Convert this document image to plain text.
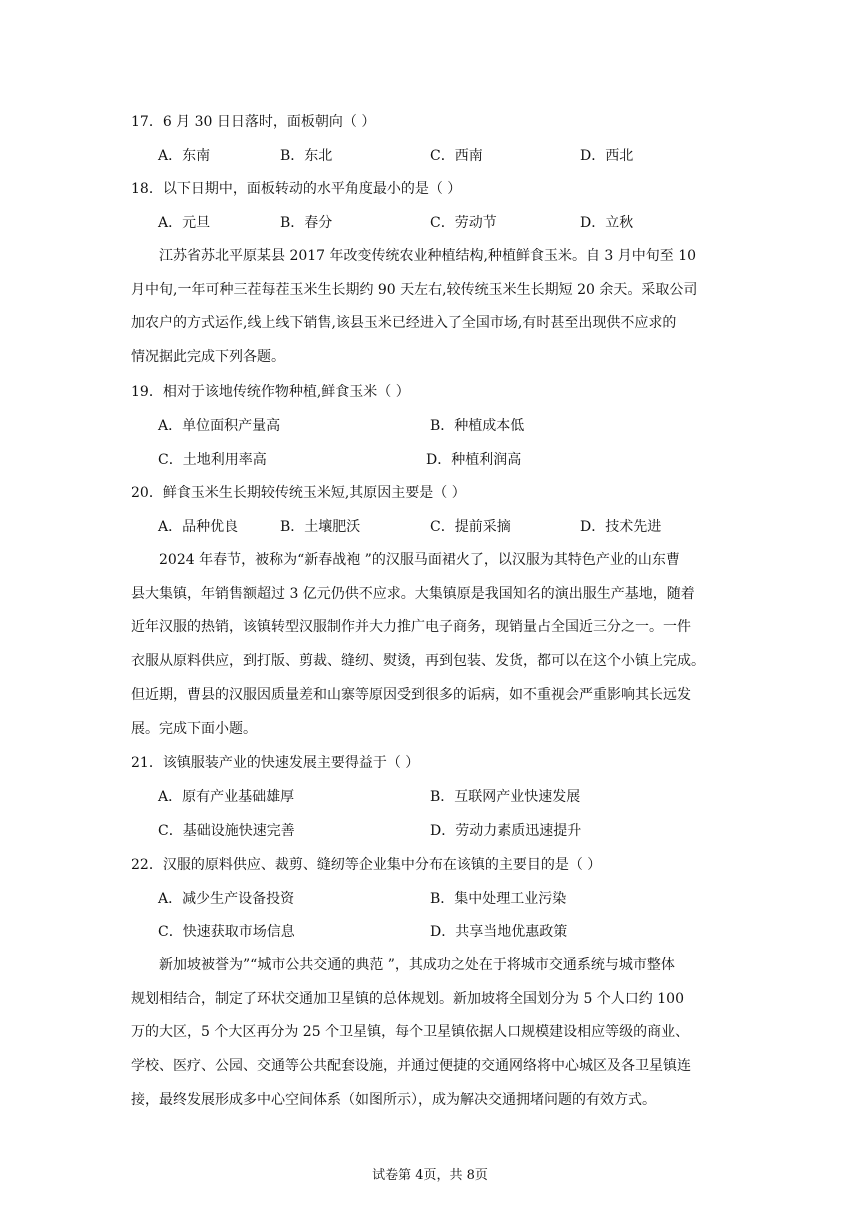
17．6 月 30 日日落时，面板朝向（ ）
A．东南	B．东北	C．西南	D．西北
18．以下日期中，面板转动的水平角度最小的是（ ）
A．元旦	B．春分	C．劳动节	D．立秋
江苏省苏北平原某县 2017 年改变传统农业种植结构,种植鲜食玉米。自 3 月中旬至 10
月中旬,一年可种三茬每茬玉米生长期约 90 天左右,较传统玉米生长期短 20 余天。采取公司
加农户的方式运作,线上线下销售,该县玉米已经进入了全国市场,有时甚至出现供不应求的
情况据此完成下列各题。
19．相对于该地传统作物种植,鲜食玉米（ ）
A．单位面积产量高	B．种植成本低
C．土地利用率高	D．种植利润高
20．鲜食玉米生长期较传统玉米短,其原因主要是（ ）
A．品种优良	B．土壤肥沃	C．提前采摘	D．技术先进
2024 年春节，被称为“新春战袍 ”的汉服马面裙火了，以汉服为其特色产业的山东曹
县大集镇，年销售额超过 3 亿元仍供不应求。大集镇原是我国知名的演出服生产基地，随着
近年汉服的热销，该镇转型汉服制作并大力推广电子商务，现销量占全国近三分之一。一件
衣服从原料供应，到打版、剪裁、缝纫、熨烫，再到包装、发货，都可以在这个小镇上完成。
但近期，曹县的汉服因质量差和山寨等原因受到很多的诟病，如不重视会严重影响其长远发
展。完成下面小题。
21．该镇服装产业的快速发展主要得益于（ ）
A．原有产业基础雄厚	B．互联网产业快速发展
C．基础设施快速完善	D．劳动力素质迅速提升
22．汉服的原料供应、裁剪、缝纫等企业集中分布在该镇的主要目的是（ ）
A．减少生产设备投资	B．集中处理工业污染
C．快速获取市场信息	D．共享当地优惠政策
新加坡被誉为”“城市公共交通的典范 ”，其成功之处在于将城市交通系统与城市整体
规划相结合，制定了环状交通加卫星镇的总体规划。新加坡将全国划分为 5 个人口约 100
万的大区，5 个大区再分为 25 个卫星镇，每个卫星镇依据人口规模建设相应等级的商业、
学校、医疗、公园、交通等公共配套设施，并通过便捷的交通网络将中心城区及各卫星镇连
接，最终发展形成多中心空间体系（如图所示），成为解决交通拥堵问题的有效方式。
试卷第 4页，共 8页
